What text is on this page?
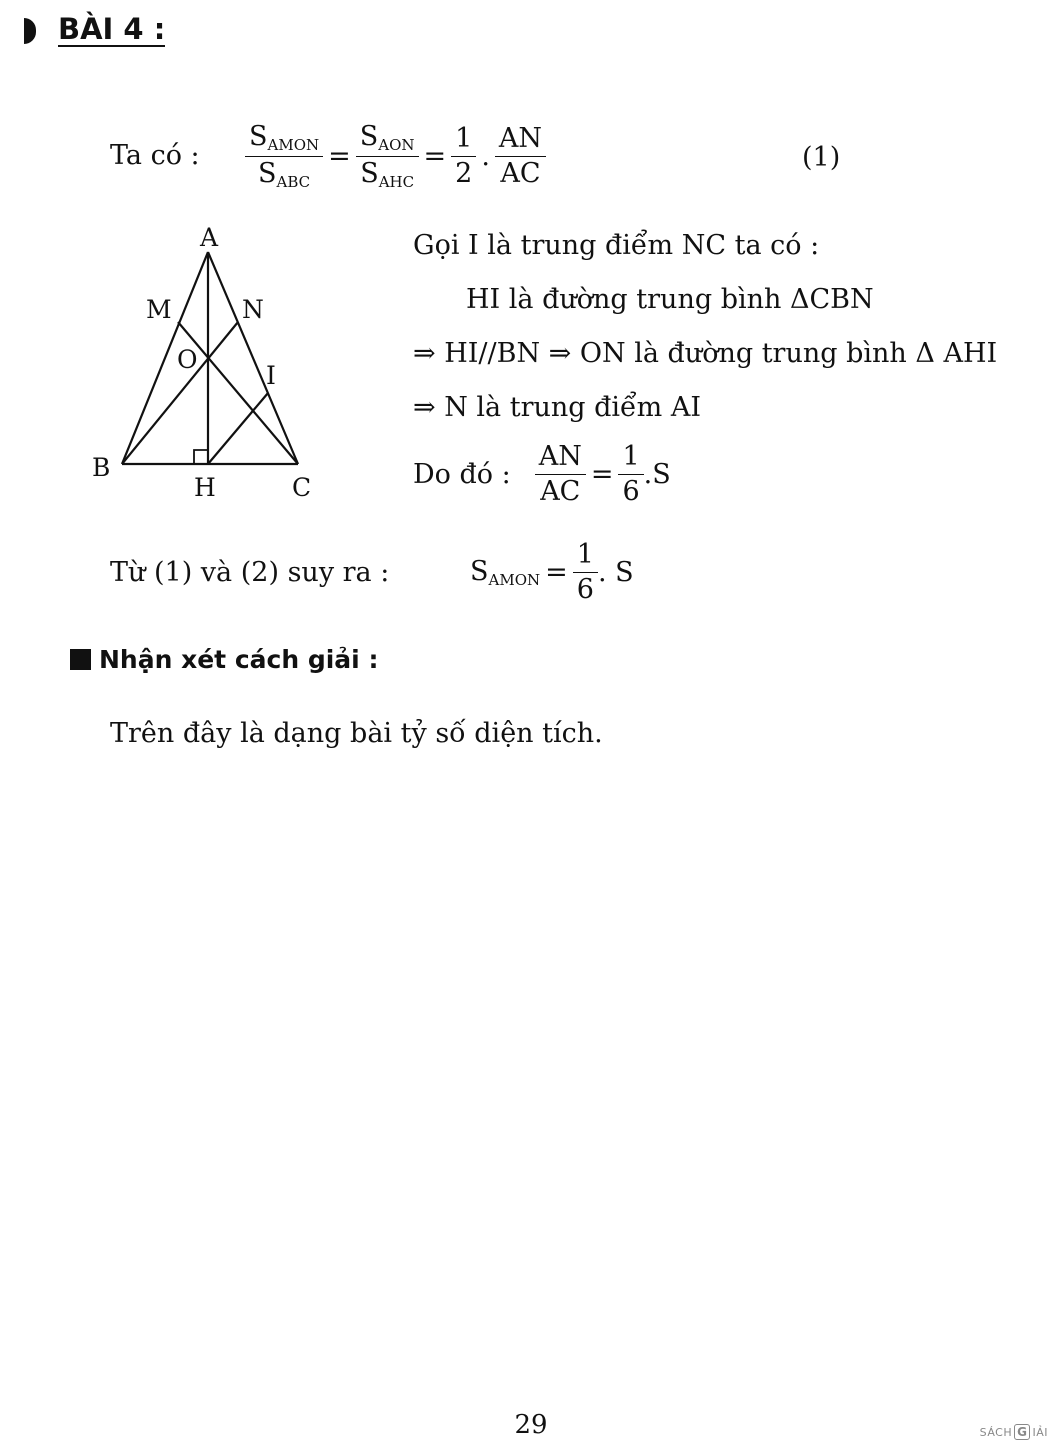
BÀI 4 :
Ta có : $\frac{S_{AMON}}{S_{ABC}} = \frac{S_{AON}}{S_{AHC}} = \frac{1}{2}$ . $\frac{AN}{AC}$	(1)
A
M	N
O
I
B
H	C
Gọi I là trung điểm NC ta có :
HI là đường trung bình ΔCBN
⇒ HI//BN ⇒ ON là đường trung bình Δ AHI
⇒ N là trung điểm AI
Do đó : $\frac{AN}{AC} = \frac{1}{6} .S$
Từ (1) và (2) suy ra :	$S_{AMON} = \frac{1}{6}$ . S
Nhận xét cách giải :
Trên đây là dạng bài tỷ số diện tích.
29	SÁCH G IẢI
